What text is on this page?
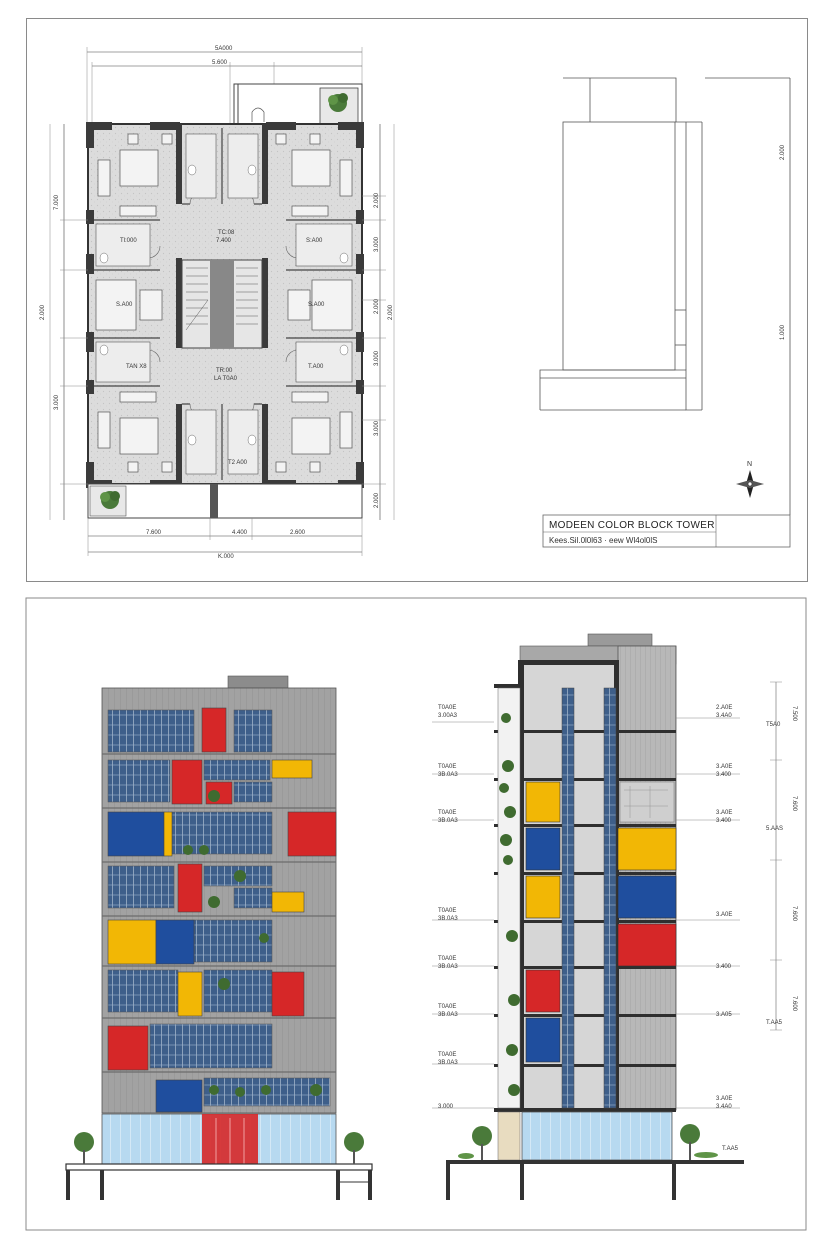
5A000
5.600
TC:08
7.400
Tl:000	S:A00
S.A00	S.A00
TAN X8	T.A00
TR:00
LA T0A0
T2 A00
7.000
2.000
3.000
2.000
3.000
2.000 2.000
3.000
3.000
2.000
7.600	4.400	2.600
K.000
2.000
1.000
N
MODEEN COLOR BLOCK TOWER
Kees.Sil.0l0l63 · eew Wl4ol0lS
T0A0E
3.00A3
T0A0E
3B.0A3
T0A0E
3B.0A3
T0A0E
3B.0A3
T0A0E
3B.0A3
T0A0E
3B.0A3
T0A0E
3B.0A3
3.000
2.A0E
3.4A0
3.A0E
3.400
3.A0E
3.400
3.A0E
3.400
3.A05
3.A0E
3.4A0
7.500
T5A0
7.600
5.AAS
7.600
7.600
T.AA5
T.AA5
